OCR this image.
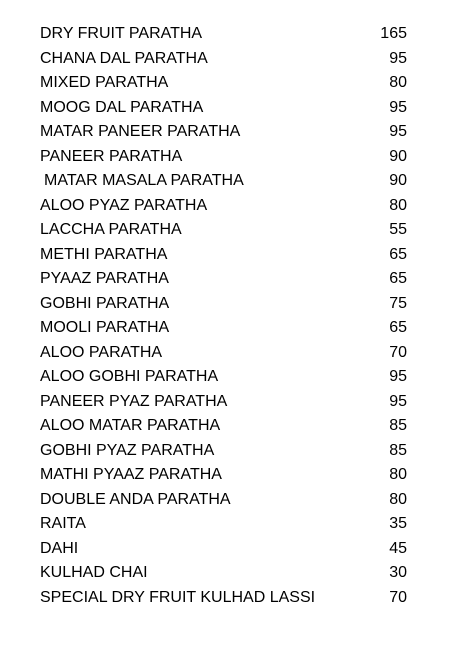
DRY FRUIT PARATHA	165
CHANA DAL PARATHA	95
MIXED PARATHA	80
MOOG DAL PARATHA	95
MATAR PANEER PARATHA	95
PANEER PARATHA	90
MATAR MASALA PARATHA	90
ALOO PYAZ PARATHA	80
LACCHA PARATHA	55
METHI PARATHA	65
PYAAZ PARATHA	65
GOBHI PARATHA	75
MOOLI PARATHA	65
ALOO PARATHA	70
ALOO GOBHI PARATHA	95
PANEER PYAZ PARATHA	95
ALOO MATAR PARATHA	85
GOBHI PYAZ PARATHA	85
MATHI PYAAZ PARATHA	80
DOUBLE ANDA PARATHA	80
RAITA	35
DAHI	45
KULHAD CHAI	30
SPECIAL DRY FRUIT KULHAD LASSI	70
